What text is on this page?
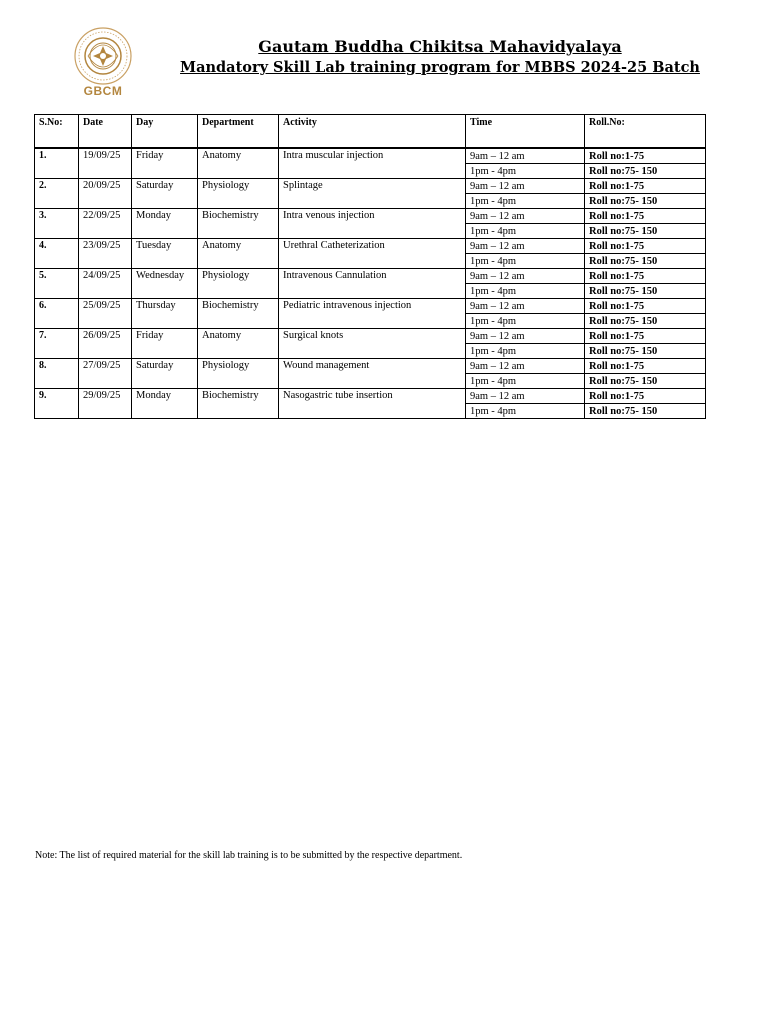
GBCM
Gautam Buddha Chikitsa Mahavidyalaya
Mandatory Skill Lab training program for MBBS 2024-25 Batch
S.No:	Date	Day	Department	Activity	Time	Roll.No:

1.	19/09/25	Friday	Anatomy	Intra muscular injection	9am – 12 am	Roll no:1-75
					1pm - 4pm	Roll no:75- 150
2.	20/09/25	Saturday	Physiology	Splintage	9am – 12 am	Roll no:1-75
					1pm - 4pm	Roll no:75- 150
3.	22/09/25	Monday	Biochemistry	Intra venous injection	9am – 12 am	Roll no:1-75
					1pm - 4pm	Roll no:75- 150
4.	23/09/25	Tuesday	Anatomy	Urethral Catheterization	9am – 12 am	Roll no:1-75
					1pm - 4pm	Roll no:75- 150
5.	24/09/25	Wednesday	Physiology	Intravenous Cannulation	9am – 12 am	Roll no:1-75
					1pm - 4pm	Roll no:75- 150
6.	25/09/25	Thursday	Biochemistry	Pediatric intravenous injection	9am – 12 am	Roll no:1-75
					1pm - 4pm	Roll no:75- 150
7.	26/09/25	Friday	Anatomy	Surgical knots	9am – 12 am	Roll no:1-75
					1pm - 4pm	Roll no:75- 150
8.	27/09/25	Saturday	Physiology	Wound management	9am – 12 am	Roll no:1-75
					1pm - 4pm	Roll no:75- 150
9.	29/09/25	Monday	Biochemistry	Nasogastric tube insertion	9am – 12 am	Roll no:1-75
					1pm - 4pm	Roll no:75- 150
Note: The list of required material for the skill lab training is to be submitted by the respective department.
